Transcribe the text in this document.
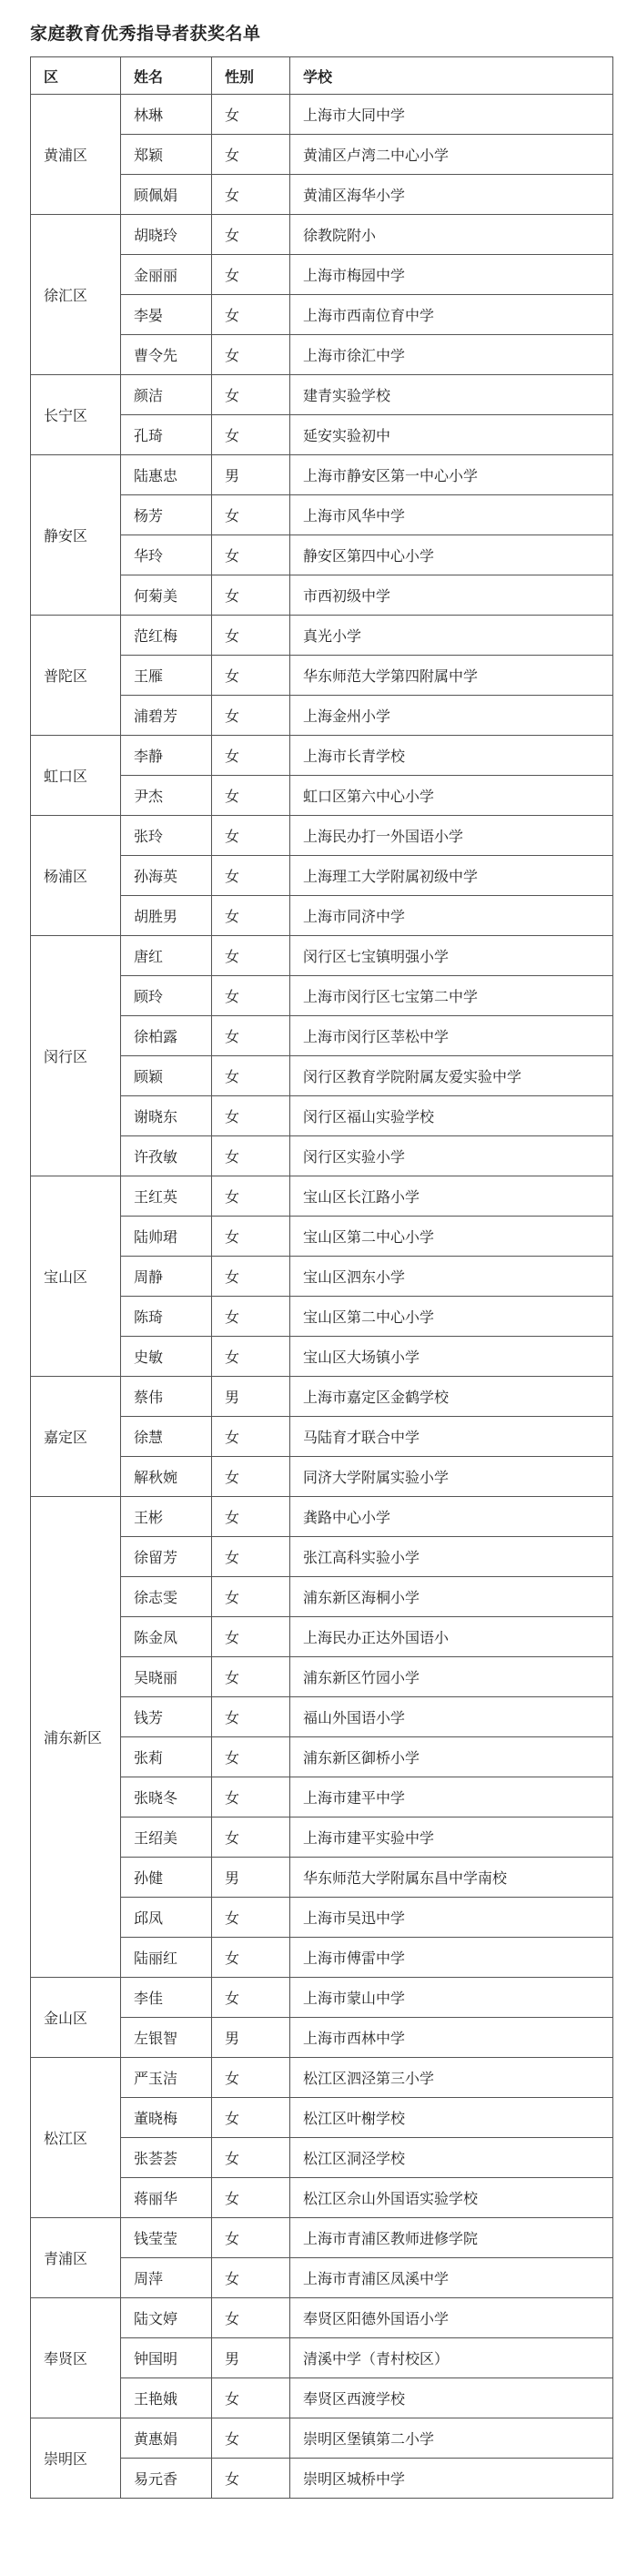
家庭教育优秀指导者获奖名单
区	姓名	性别	学校
黄浦区	林琳	女	上海市大同中学
	郑颖	女	黄浦区卢湾二中心小学
	顾佩娟	女	黄浦区海华小学
徐汇区	胡晓玲	女	徐教院附小
	金丽丽	女	上海市梅园中学
	李晏	女	上海市西南位育中学
	曹令先	女	上海市徐汇中学
长宁区	颜洁	女	建青实验学校
	孔琦	女	延安实验初中
静安区	陆惠忠	男	上海市静安区第一中心小学
	杨芳	女	上海市风华中学
	华玲	女	静安区第四中心小学
	何菊美	女	市西初级中学
普陀区	范红梅	女	真光小学
	王雁	女	华东师范大学第四附属中学
	浦碧芳	女	上海金州小学
虹口区	李静	女	上海市长青学校
	尹杰	女	虹口区第六中心小学
杨浦区	张玲	女	上海民办打一外国语小学
	孙海英	女	上海理工大学附属初级中学
	胡胜男	女	上海市同济中学
闵行区	唐红	女	闵行区七宝镇明强小学
	顾玲	女	上海市闵行区七宝第二中学
	徐柏露	女	上海市闵行区莘松中学
	顾颖	女	闵行区教育学院附属友爱实验中学
	谢晓东	女	闵行区福山实验学校
	许孜敏	女	闵行区实验小学
宝山区	王红英	女	宝山区长江路小学
	陆帅珺	女	宝山区第二中心小学
	周静	女	宝山区泗东小学
	陈琦	女	宝山区第二中心小学
	史敏	女	宝山区大场镇小学
嘉定区	蔡伟	男	上海市嘉定区金鹤学校
	徐慧	女	马陆育才联合中学
	解秋婉	女	同济大学附属实验小学
浦东新区	王彬	女	龚路中心小学
	徐留芳	女	张江高科实验小学
	徐志雯	女	浦东新区海桐小学
	陈金凤	女	上海民办正达外国语小
	吴晓丽	女	浦东新区竹园小学
	钱芳	女	福山外国语小学
	张莉	女	浦东新区御桥小学
	张晓冬	女	上海市建平中学
	王绍美	女	上海市建平实验中学
	孙健	男	华东师范大学附属东昌中学南校
	邱凤	女	上海市吴迅中学
	陆丽红	女	上海市傅雷中学
金山区	李佳	女	上海市蒙山中学
	左银智	男	上海市西林中学
松江区	严玉洁	女	松江区泗泾第三小学
	董晓梅	女	松江区叶榭学校
	张荟荟	女	松江区洞泾学校
	蒋丽华	女	松江区佘山外国语实验学校
青浦区	钱莹莹	女	上海市青浦区教师进修学院
	周萍	女	上海市青浦区凤溪中学
奉贤区	陆文婷	女	奉贤区阳德外国语小学
	钟国明	男	清溪中学（青村校区）
	王艳娥	女	奉贤区西渡学校
崇明区	黄惠娟	女	崇明区堡镇第二小学
	易元香	女	崇明区城桥中学
